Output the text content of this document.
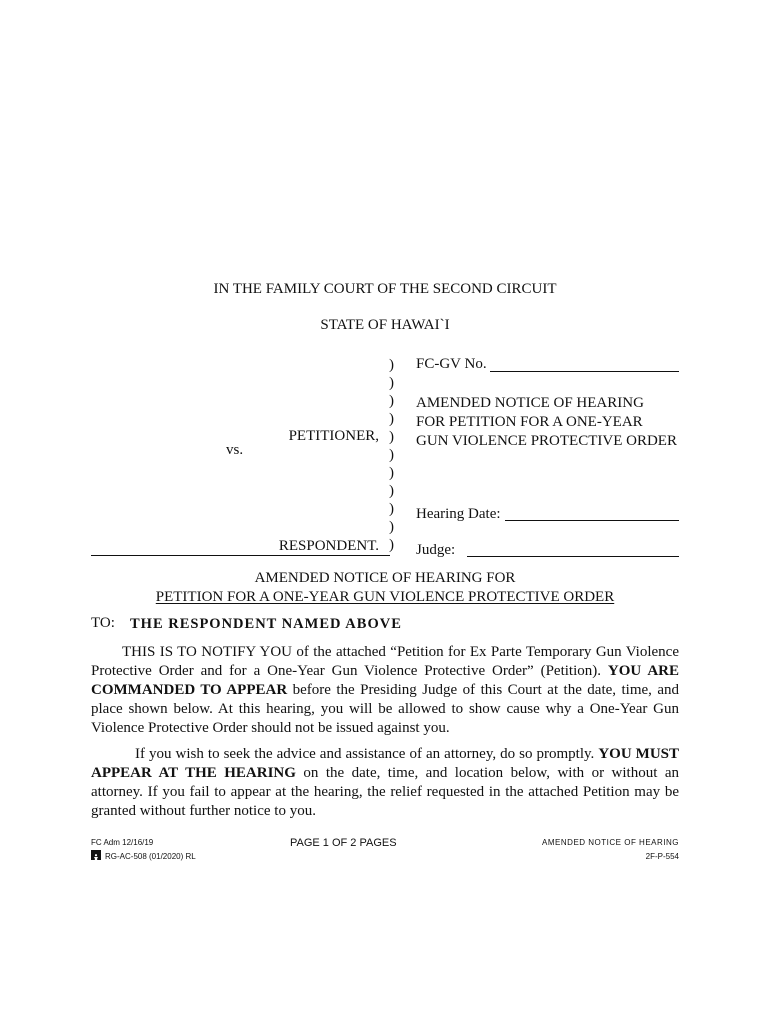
IN THE FAMILY COURT OF THE SECOND CIRCUIT
STATE OF HAWAI`I
)
)
)
)
)
)
)
)
)
)
)
PETITIONER,
vs.
RESPONDENT.
FC-GV No.
AMENDED NOTICE OF HEARING
FOR PETITION FOR A ONE-YEAR
GUN VIOLENCE PROTECTIVE ORDER
Hearing Date:
Judge:
AMENDED NOTICE OF HEARING FOR
PETITION FOR A ONE-YEAR GUN VIOLENCE PROTECTIVE ORDER
TO: THE RESPONDENT NAMED ABOVE
THIS IS TO NOTIFY YOU of the attached “Petition for Ex Parte Temporary Gun Violence Protective Order and for a One-Year Gun Violence Protective Order” (Petition). YOU ARE COMMANDED TO APPEAR before the Presiding Judge of this Court at the date, time, and place shown below. At this hearing, you will be allowed to show cause why a One-Year Gun Violence Protective Order should not be issued against you.
If you wish to seek the advice and assistance of an attorney, do so promptly. YOU MUST APPEAR AT THE HEARING on the date, time, and location below, with or without an attorney. If you fail to appear at the hearing, the relief requested in the attached Petition may be granted without further notice to you.
FC Adm 12/16/19
RG-AC-508 (01/2020) RL
PAGE 1 OF 2 PAGES	AMENDED NOTICE OF HEARING
2F-P-554
